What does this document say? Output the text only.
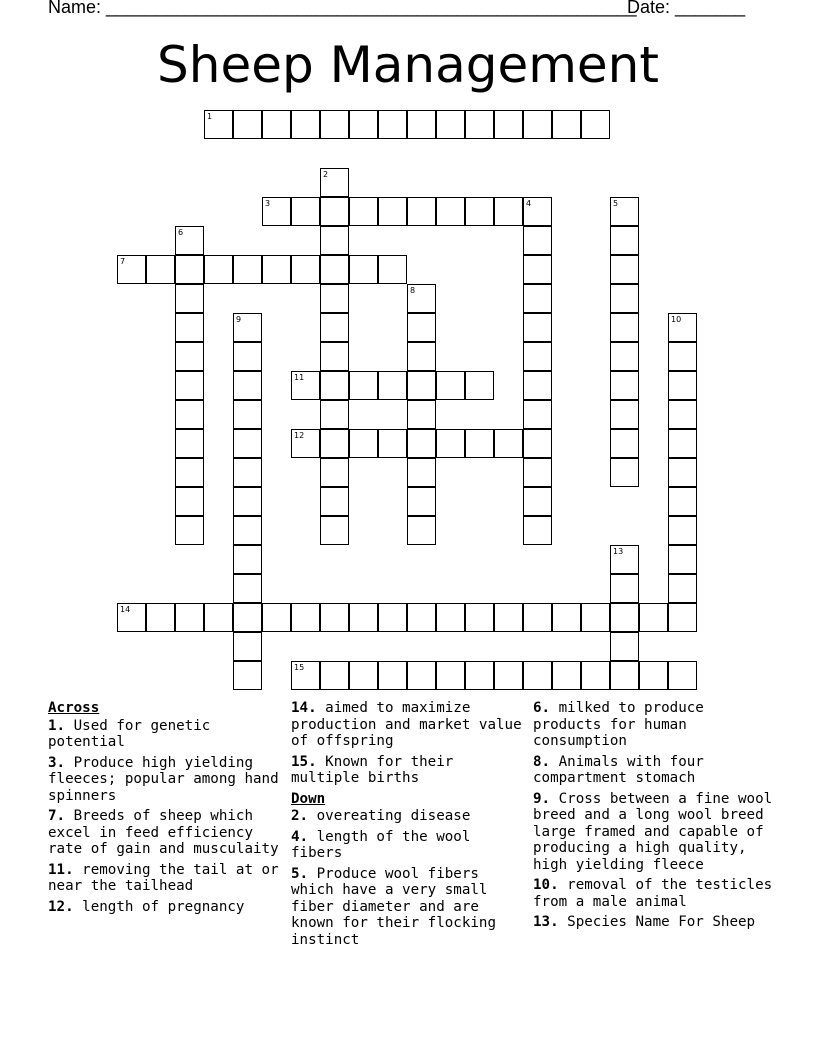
Name: _____________________________________________________
Date: _______
Sheep Management
1
2
3	4	5
6
7
8
9	10
11
12
13
14
15
Across
1. Used for genetic potential
3. Produce high yielding fleeces; popular among hand spinners
7. Breeds of sheep which excel in feed efficiency rate of gain and musculaity
11. removing the tail at or near the tailhead
12. length of pregnancy
14. aimed to maximize production and market value of offspring
15. Known for their multiple births
Down
2. overeating disease
4. length of the wool fibers
5. Produce wool fibers which have a very small fiber diameter and are known for their flocking instinct
6. milked to produce products for human consumption
8. Animals with four compartment stomach
9. Cross between a fine wool breed and a long wool breed large framed and capable of producing a high quality, high yielding fleece
10. removal of the testicles from a male animal
13. Species Name For Sheep
